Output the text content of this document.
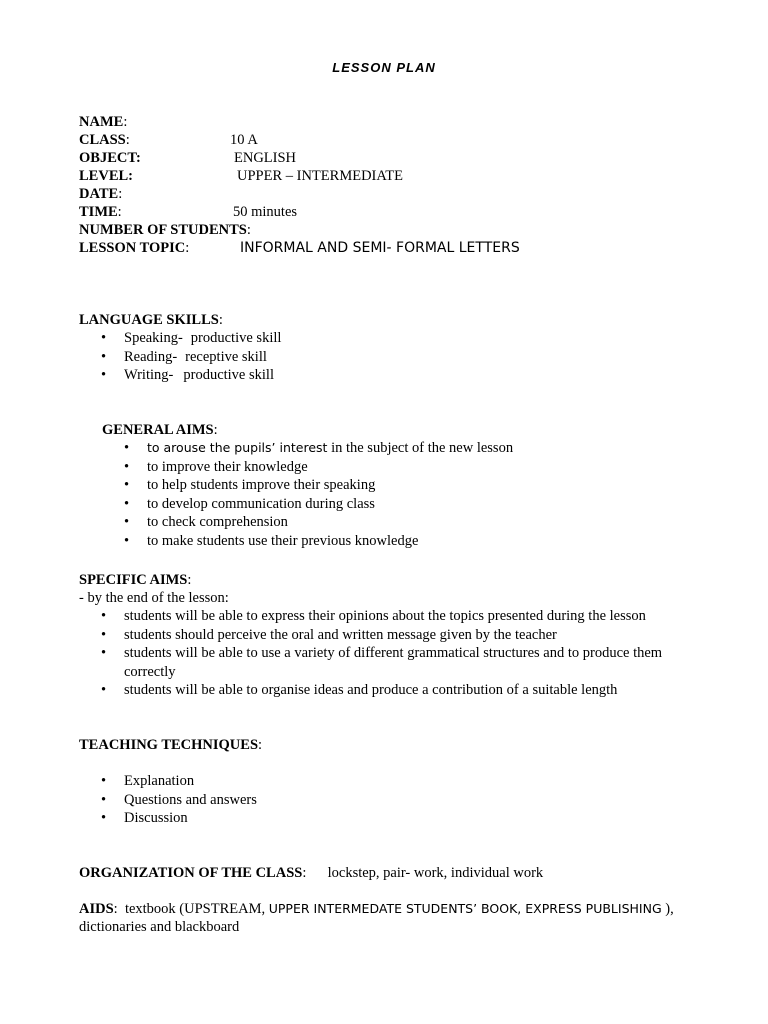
LESSON PLAN
NAME:
CLASS:	10 A
OBJECT:	ENGLISH
LEVEL:	UPPER – INTERMEDIATE
DATE:
TIME:	50 minutes
NUMBER OF STUDENTS:
LESSON TOPIC:	INFORMAL AND SEMI- FORMAL LETTERS
LANGUAGE SKILLS:
• Speaking- productive skill
• Reading- receptive skill
• Writing- productive skill
GENERAL AIMS:
• to arouse the pupils’ interest in the subject of the new lesson
• to improve their knowledge
• to help students improve their speaking
• to develop communication during class
• to check comprehension
• to make students use their previous knowledge
SPECIFIC AIMS:
- by the end of the lesson:
• students will be able to express their opinions about the topics presented during the lesson
• students should perceive the oral and written message given by the teacher
• students will be able to use a variety of different grammatical structures and to produce them correctly
• students will be able to organise ideas and produce a contribution of a suitable length
TEACHING TECHNIQUES:
• Explanation
• Questions and answers
• Discussion
ORGANIZATION OF THE CLASS: lockstep, pair- work, individual work
AIDS:  textbook (UPSTREAM, UPPER INTERMEDATE STUDENTS’ BOOK, EXPRESS PUBLISHING ),
dictionaries and blackboard
